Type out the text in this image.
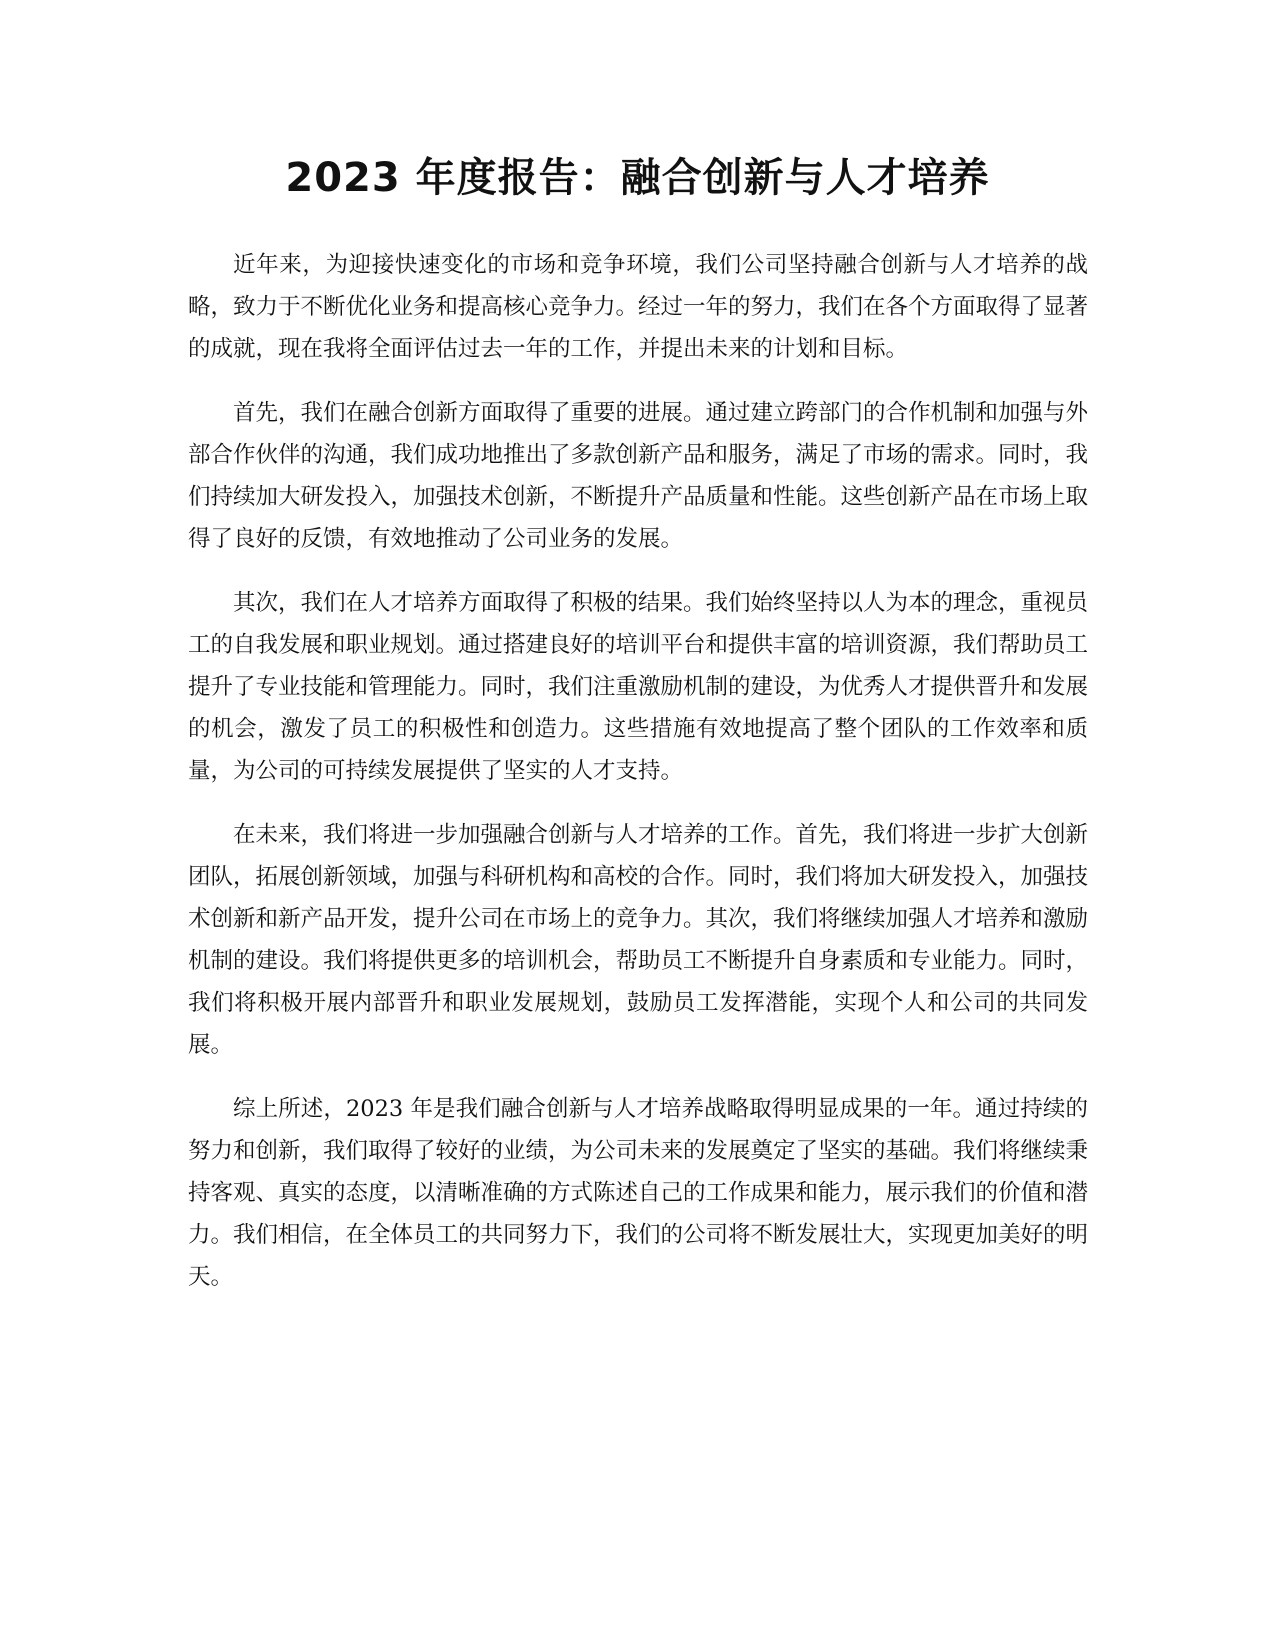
2023 年度报告：融合创新与人才培养

近年来，为迎接快速变化的市场和竞争环境，我们公司坚持融合创新与人才培养的战略，致力于不断优化业务和提高核心竞争力。经过一年的努力，我们在各个方面取得了显著的成就，现在我将全面评估过去一年的工作，并提出未来的计划和目标。

首先，我们在融合创新方面取得了重要的进展。通过建立跨部门的合作机制和加强与外部合作伙伴的沟通，我们成功地推出了多款创新产品和服务，满足了市场的需求。同时，我们持续加大研发投入，加强技术创新，不断提升产品质量和性能。这些创新产品在市场上取得了良好的反馈，有效地推动了公司业务的发展。

其次，我们在人才培养方面取得了积极的结果。我们始终坚持以人为本的理念，重视员工的自我发展和职业规划。通过搭建良好的培训平台和提供丰富的培训资源，我们帮助员工提升了专业技能和管理能力。同时，我们注重激励机制的建设，为优秀人才提供晋升和发展的机会，激发了员工的积极性和创造力。这些措施有效地提高了整个团队的工作效率和质量，为公司的可持续发展提供了坚实的人才支持。

在未来，我们将进一步加强融合创新与人才培养的工作。首先，我们将进一步扩大创新团队，拓展创新领域，加强与科研机构和高校的合作。同时，我们将加大研发投入，加强技术创新和新产品开发，提升公司在市场上的竞争力。其次，我们将继续加强人才培养和激励机制的建设。我们将提供更多的培训机会，帮助员工不断提升自身素质和专业能力。同时，我们将积极开展内部晋升和职业发展规划，鼓励员工发挥潜能，实现个人和公司的共同发展。

综上所述，2023 年是我们融合创新与人才培养战略取得明显成果的一年。通过持续的努力和创新，我们取得了较好的业绩，为公司未来的发展奠定了坚实的基础。我们将继续秉持客观、真实的态度，以清晰准确的方式陈述自己的工作成果和能力，展示我们的价值和潜力。我们相信，在全体员工的共同努力下，我们的公司将不断发展壮大，实现更加美好的明天。
